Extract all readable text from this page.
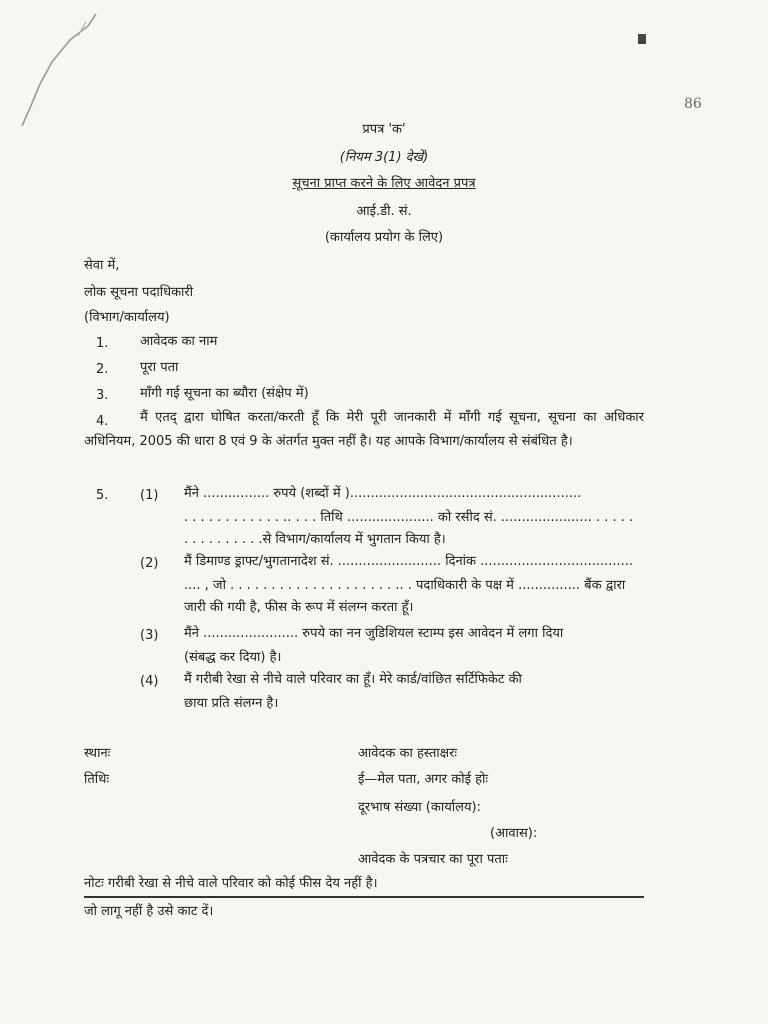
86
प्रपत्र 'क'
(नियम 3(1) देखें)
सूचना प्राप्त करने के लिए आवेदन प्रपत्र
आई.डी. सं.
(कार्यालय प्रयोग के लिए)
सेवा में,
लोक सूचना पदाधिकारी
(विभाग/कार्यालय)
1. आवेदक का नाम
2. पूरा पता
3. माँगी गई सूचना का ब्यौरा (संक्षेप में)
4.	मैं एतद् द्वारा घोषित करता/करती हूँ कि मेरी पूरी जानकारी में माँगी गई सूचना, सूचना का अधिकार अधिनियम, 2005 की धारा 8 एवं 9 के अंतर्गत मुक्त नहीं है। यह आपके विभाग/कार्यालय से संबंधित है।
5. (1) मैंने ................ रुपये (शब्दों में )........................................................
. . . . . . . . . . . . .. . . . तिथि ..................... को रसीद सं. ...................... . . . . .
. . . . . . . . . .से विभाग/कार्यालय में भुगतान किया है।
(2) मैं डिमाण्ड ड्राफ्ट/भुगतानादेश सं. ......................... दिनांक .....................................
.... , जो . . . . . . . . . . . . . . . . . . . . .. . पदाधिकारी के पक्ष में ............... बैंक द्वारा
जारी की गयी है, फीस के रूप में संलग्न करता हूँ।
(3) मैंने ....................... रुपये का नन जुडिशियल स्टाम्प इस आवेदन में लगा दिया
(संबद्ध कर दिया) है।
(4) मैं गरीबी रेखा से नीचे वाले परिवार का हूँ। मेरे कार्ड/वांछित सर्टिफिकेट की
छाया प्रति संलग्न है।
स्थानः
तिथिः
आवेदक का हस्ताक्षरः
ई—मेल पता, अगर कोई होः
दूरभाष संख्या (कार्यालय):
(आवास):
आवेदक के पत्रचार का पूरा पताः
नोटः गरीबी रेखा से नीचे वाले परिवार को कोई फीस देय नहीं है।
जो लागू नहीं है उसे काट दें।
